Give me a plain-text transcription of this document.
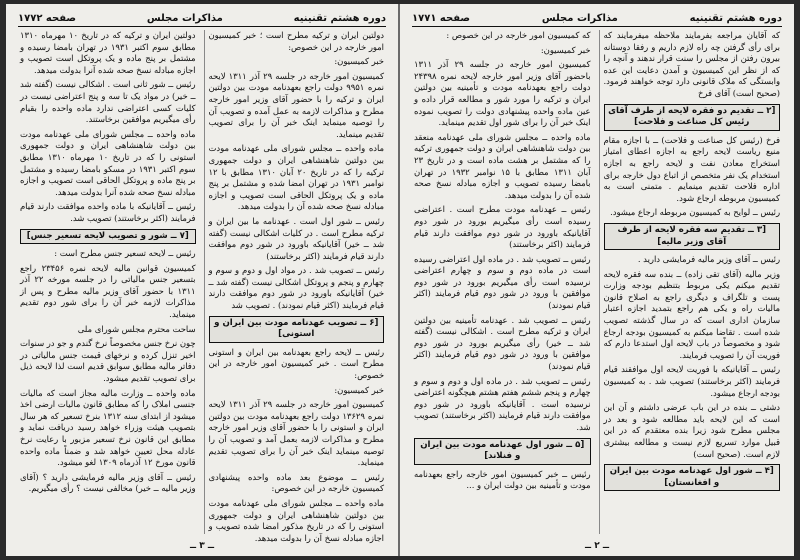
دوره هشتم تقنینیه
مذاکرات مجلس
صفحه ۱۷۷۲

دولتین ایران و ترکیه مطرح است ؛ خبر کمیسیون امور خارجه در این خصوص:

خبر کمیسیون:

کمیسیون امور خارجه در جلسه ۲۹ آذر ۱۳۱۱ لایحه نمره ۹۹۵۱ دولت راجع بعهدنامه مودت بین دولتین ایران و ترکیه را با حضور آقای وزیر امور خارجه مطرح و مذاکرات لازمه به عمل آمده و تصویب آن را توصیه مینماید اینک خبر آن را برای تصویب تقدیم مینماید.

ماده واحده ــ مجلس شورای ملی عهدنامه مودت بین دولتین شاهنشاهی ایران و دولت جمهوری ترکیه را که در تاریخ ۲۰ آبان ۱۳۱۰ مطابق با ۱۲ نوامبر ۱۹۳۱ در تهران امضا شده و مشتمل بر پنج ماده و یک پروتکل الحاقی است تصویب و اجازه مبادله نسخ صحه شده آن را بدولت میدهد.

رئیس ــ شور اول است . عهدنامه ما بین ایران و ترکیه مطرح است . در کلیات اشکالی نیست (گفته شد ــ خیر) آقایانیکه باورود در شور دوم موافقت دارند قیام فرمایند (اکثر برخاستند)

رئیس ــ تصویب شد . در مواد اول و دوم و سوم و چهارم و پنجم و پروتکل اشکالی نیست (گفته شد ــ خیر) آقایانیکه باورود در شور دوم موافقت دارند قیام فرمایند (اکثر قیام نمودند) . تصویب شد

[۶ ــ تصویب عهدنامه مودت بین ایران و استونی]

رئیس ــ لایحه راجع بعهدنامه بین ایران و استونی مطرح است . خبر کمیسیون امور خارجه در این خصوص:

خبر کمیسیون:

کمیسیون امور خارجه در جلسه ۲۹ آذر ۱۳۱۱ لایحه نمره ۱۳۶۲۹ دولت راجع بعهدنامه مودت بین دولتین ایران و استونی را با حضور آقای وزیر امور خارجه مطرح و مذاکرات لازمه بعمل آمد و تصویب آن را توصیه مینماید اینک خبر آن را برای تصویب تقدیم مینماید.

رئیس ــ موضوع بعد ماده واحده پیشنهادی کمیسیون خارجه در این خصوص:

ماده واحده ــ مجلس شورای ملی عهدنامه مودت بین دولتین شاهنشاهی ایران و دولت جمهوری استونی را که در تاریخ مذکور امضا شده تصویب و اجازه مبادله نسخ آن را بدولت میدهد.

دولتین ایران و ترکیه که در تاریخ ۱۰ مهرماه ۱۳۱۰ مطابق سوم اکتبر ۱۹۳۱ در تهران بامضا رسیده و مشتمل بر پنج ماده و یک پروتکل است تصویب و اجازه مبادله نسخ صحه شده آنرا بدولت میدهد.

رئیس ــ شور ثانی است . اشکالی نیست (گفته شد ــ خیر) در مواد یک تا سه و پنج اعتراضی نیست در کلیات کسی اعتراضی ندارد ماده واحده را بقیام رأی میگیریم موافقین برخاستند.

ماده واحده ــ مجلس شورای ملی عهدنامه مودت بین دولت شاهنشاهی ایران و دولت جمهوری استونی را که در تاریخ ۱۰ مهرماه ۱۳۱۰ مطابق سوم اکتبر ۱۹۳۱ در مسکو بامضا رسیده و مشتمل بر پنج ماده و پروتکل الحاقی است تصویب و اجازه مبادله نسخ صحه شده آنرا بدولت میدهد.

رئیس ــ آقایانیکه با ماده واحده موافقت دارند قیام فرمایند (اکثر برخاستند) تصویب شد.

[۷ ــ شور و تصویب لایحه تسعیر جنس]

رئیس ــ لایحه تسعیر جنس مطرح است :

کمیسیون قوانین مالیه لایحه نمره ۲۳۴۵۶ راجع بتسعیر جنس مالیاتی را در جلسه مورخه ۲۲ آذر ۱۳۱۱ با حضور آقای وزیر مالیه مطرح و پس از مذاکرات لازمه خبر آن را برای شور دوم تقدیم مینماید.

ساحت محترم مجلس شورای ملی

چون نرخ جنس مخصوصاً نرخ گندم و جو در سنوات اخیر تنزل کرده و نرخهای قیمت جنس مالیاتی در دفاتر مالیه مطابق سوابق قدیم است لذا لایحه ذیل برای تصویب تقدیم میشود.

ماده واحده ــ وزارت مالیه مجاز است که مالیات جنسی املاک را که مطابق قانون مالیات ارضی اخذ میشود از ابتدای سنه ۱۳۱۲ بنرخ تسعیر که هر سال بتصویب هیئت وزراء خواهد رسید دریافت نماید و مطابق این قانون نرخ تسعیر مزبور با رعایت نرخ عادله محل تعیین خواهد شد و ضمناً ماده واحده قانون مورخ ۱۲ آذرماه ۱۳۰۹ لغو میشود.

رئیس ــ آقای وزیر مالیه فرمایشی دارید ؟ (آقای وزیر مالیه ــ خیر) مخالفی نیست ؟ رأی میگیریم.

ــ ۳ ــ
دوره هشتم تقنینیه
مذاکرات مجلس
صفحه ۱۷۷۱

که آقایان مراجعه بفرمایند ملاحظه میفرمایند که برای رأی گرفتن چه راه لازم داریم و رفقا دوستانه بیرون رفتن از مجلس را سنت قرار ندهند و آنچه را که از نظر این کمیسیون و آمدن دعایت این عده وابستگی که ملاک قانونی دارد توجه خواهند فرمود. (صحیح است) آقای فرخ

[۲ ــ تقدیم دو فقره لایحه از طرف آقای رئیس کل صناعت و فلاحت]

فرخ (رئیس کل صناعت و فلاحت) ــ با اجازه مقام منیع ریاست لایحه راجع به اجازه اعطای امتیاز استخراج معادن نفت و لایحه راجع به اجازه استخدام یک نفر متخصص از اتباع دول خارجه برای اداره فلاحت تقدیم مینمایم . متمنی است به کمیسیون مربوطه ارجاع شود.

رئیس ــ لوایح به کمیسیون مربوطه ارجاع میشود.

[۳ ــ تقدیم سه فقره لایحه از طرف آقای وزیر مالیه]

رئیس ــ آقای وزیر مالیه فرمایشی دارید .

وزیر مالیه (آقای تقی زاده) ــ بنده سه فقره لایحه تقدیم میکنم یکی مربوط بتنظیم بودجه وزارت پست و تلگراف و دیگری راجع به اصلاح قانون مالیات راه و یکی هم راجع بتمدید اجازه اعتبار سازمان اداری است که در سال گذشته تصویب شده است . تقاضا میکنم به کمیسیون بودجه ارجاع شود و مخصوصاً در باب لایحه اول استدعا دارم که فوریت آن را تصویب فرمایند.

رئیس ــ آقایانیکه با فوریت لایحه اول موافقند قیام فرمایند (اکثر برخاستند) تصویب شد . به کمیسیون بودجه ارجاع میشود.

دشتی ــ بنده در این باب عرضی داشتم و آن این است که این لایحه باید مطالعه شود و بعد در مجلس مطرح شود زیرا بنده معتقدم که در این قبیل موارد تسریع لازم نیست و مطالعه بیشتری لازم است. (صحیح است)

[۴ ــ شور اول عهدنامه مودت بین ایران و افغانستان]

که کمیسیون امور خارجه در این خصوص :

خبر کمیسیون:

کمیسیون امور خارجه در جلسه ۲۹ آذر ۱۳۱۱ باحضور آقای وزیر امور خارجه لایحه نمره ۲۴۳۹۸ دولت راجع بعهدنامه مودت و تأمینیه بین دولتین ایران و ترکیه را مورد شور و مطالعه قرار داده و عین ماده واحده پیشنهادی دولت را تصویب نموده اینک خبر آن را برای شور اول تقدیم مینماید.

ماده واحده ــ مجلس شورای ملی عهدنامه منعقد بین دولت شاهنشاهی ایران و دولت جمهوری ترکیه را که مشتمل بر هشت ماده است و در تاریخ ۲۳ آبان ۱۳۱۱ مطابق با ۱۵ نوامبر ۱۹۳۲ در تهران بامضا رسیده تصویب و اجازه مبادله نسخ صحه شده آن را بدولت میدهد.

رئیس ــ عهدنامه مودت مطرح است . اعتراضی رسیده است رأی میگیریم بورود در شور دوم آقایانیکه باورود در شور دوم موافقت دارند قیام فرمایند (اکثر برخاستند)

رئیس ــ تصویب شد . در ماده اول اعتراضی رسیده است در ماده دوم و سوم و چهارم اعتراضی نرسیده است رأی میگیریم بورود در شور دوم موافقین با ورود در شور دوم قیام فرمایند (اکثر قیام نمودند)

رئیس ــ تصویب شد . عهدنامه تأمینیه بین دولتین ایران و ترکیه مطرح است . اشکالی نیست (گفته شد ــ خیر) رأی میگیریم بورود در شور دوم موافقین با ورود در شور دوم قیام فرمایند (اکثر قیام نمودند)

رئیس ــ تصویب شد . در ماده اول و دوم و سوم و چهارم و پنجم ششم هفتم هشتم هیچگونه اعتراضی نرسیده است . آقایانیکه باورود در شور دوم موافقت دارند قیام فرمایند (اکثر برخاستند) تصویب شد.

[۵ ــ شور اول عهدنامه مودت بین ایران و فنلاند]

رئیس ــ خبر کمیسیون امور خارجه راجع بعهدنامه مودت و تأمینیه بین دولت ایران و ...

ــ ۲ ــ
